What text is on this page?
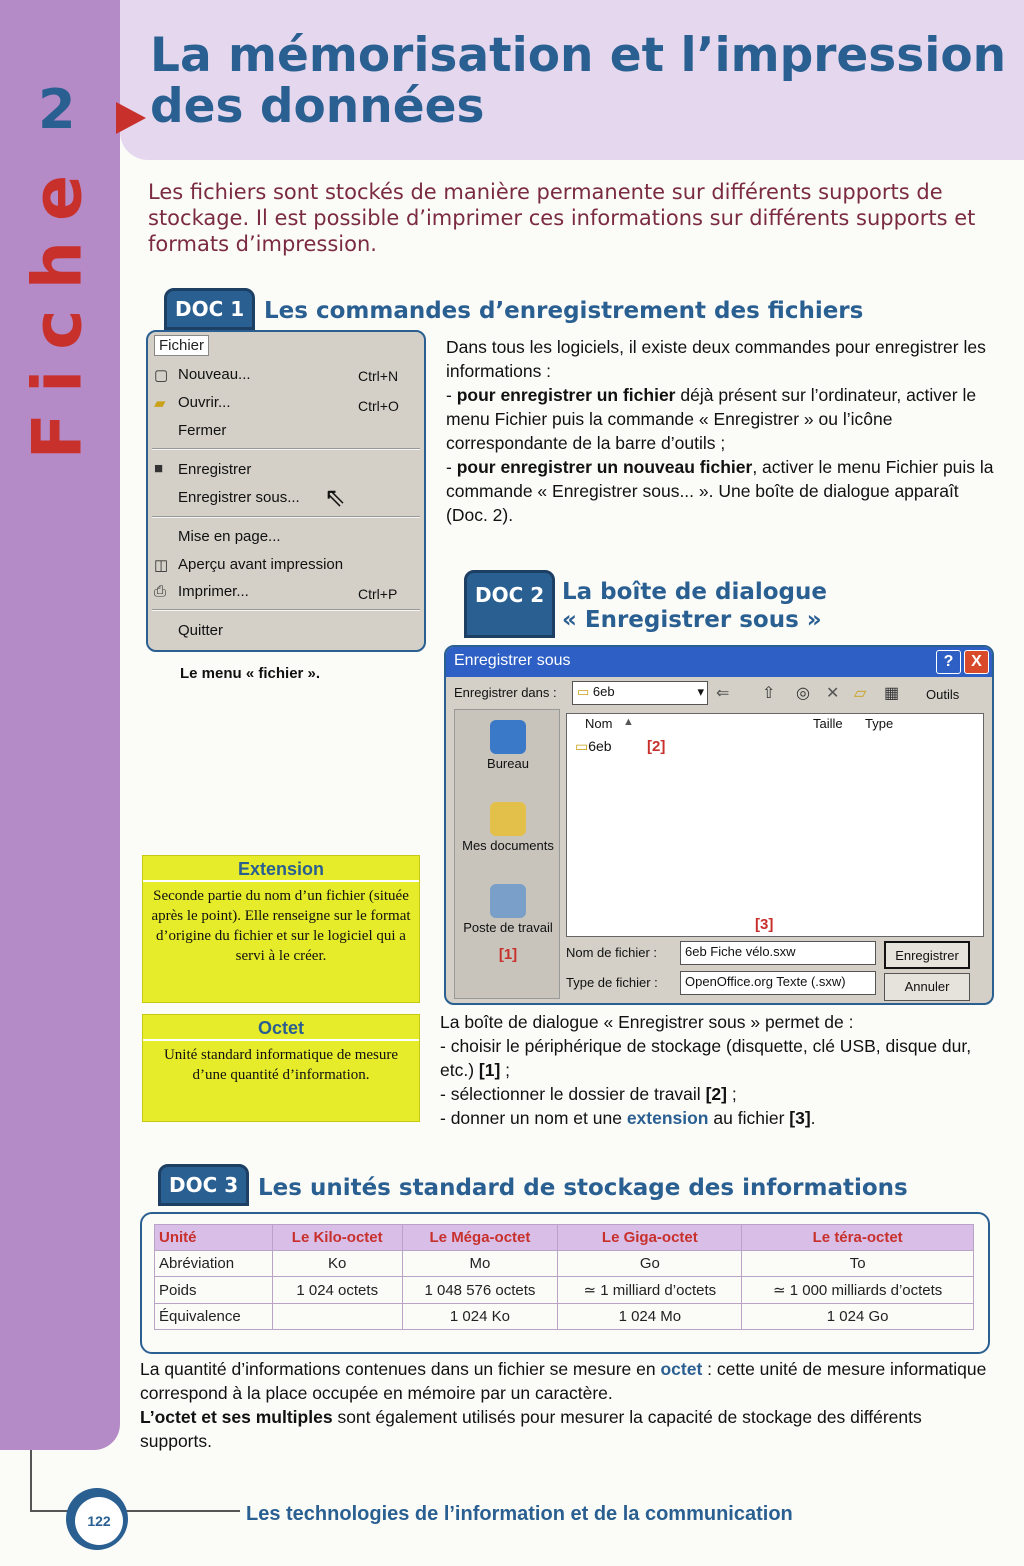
2
Fiche
La mémorisation et l’impression
des données
Les fichiers sont stockés de manière permanente sur différents supports de stockage. Il est possible d’imprimer ces informations sur différents supports et formats d’impression.
DOC 1 Les commandes d’enregistrement des fichiers
Fichier
▢ Nouveau...	Ctrl+N
▰ Ouvrir...	Ctrl+O
Fermer
■ Enregistrer
Enregistrer sous... ⇖
Mise en page...
◫ Aperçu avant impression
⎙ Imprimer...	Ctrl+P
Quitter
Le menu « fichier ».
Dans tous les logiciels, il existe deux commandes pour enregistrer les informations :
- pour enregistrer un fichier déjà présent sur l’ordinateur, activer le menu Fichier puis la commande « Enregistrer » ou l’icône correspondante de la barre d’outils ;
- pour enregistrer un nouveau fichier, activer le menu Fichier puis la commande « Enregistrer sous... ». Une boîte de dialogue apparaît (Doc. 2).
Extension
Seconde partie du nom d’un fichier (située après le point). Elle renseigne sur le format d’origine du fichier et sur le logiciel qui a servi à le créer.
Octet
Unité standard informatique de mesure d’une quantité d’information.
DOC 2 La boîte de dialogue
« Enregistrer sous »
Enregistrer sous	?	X
Enregistrer dans :	▭ 6eb	▾ ⇐ ⇧ ◎ ✕ ▱ ▦ Outils
Bureau
Mes documents
Poste de travail
[1]
Nom ▲	Taille Type
▭6eb [2]
[3]
Nom de fichier :	6eb Fiche vélo.sxw
Type de fichier :	OpenOffice.org Texte (.sxw)
Enregistrer
Annuler
La boîte de dialogue « Enregistrer sous » permet de :
- choisir le périphérique de stockage (disquette, clé USB, disque dur, etc.) [1] ;
- sélectionner le dossier de travail [2] ;
- donner un nom et une extension au fichier [3].
DOC 3 Les unités standard de stockage des informations
Unité	Le Kilo-octet	Le Méga-octet	Le Giga-octet	Le téra-octet
Abréviation	Ko	Mo	Go	To
Poids	1 024 octets	1 048 576 octets	≃ 1 milliard d’octets	≃ 1 000 milliards d’octets
Équivalence		1 024 Ko	1 024 Mo	1 024 Go
La quantité d’informations contenues dans un fichier se mesure en octet : cette unité de mesure informatique correspond à la place occupée en mémoire par un caractère.
L’octet et ses multiples sont également utilisés pour mesurer la capacité de stockage des différents supports.
122	Les technologies de l’information et de la communication
